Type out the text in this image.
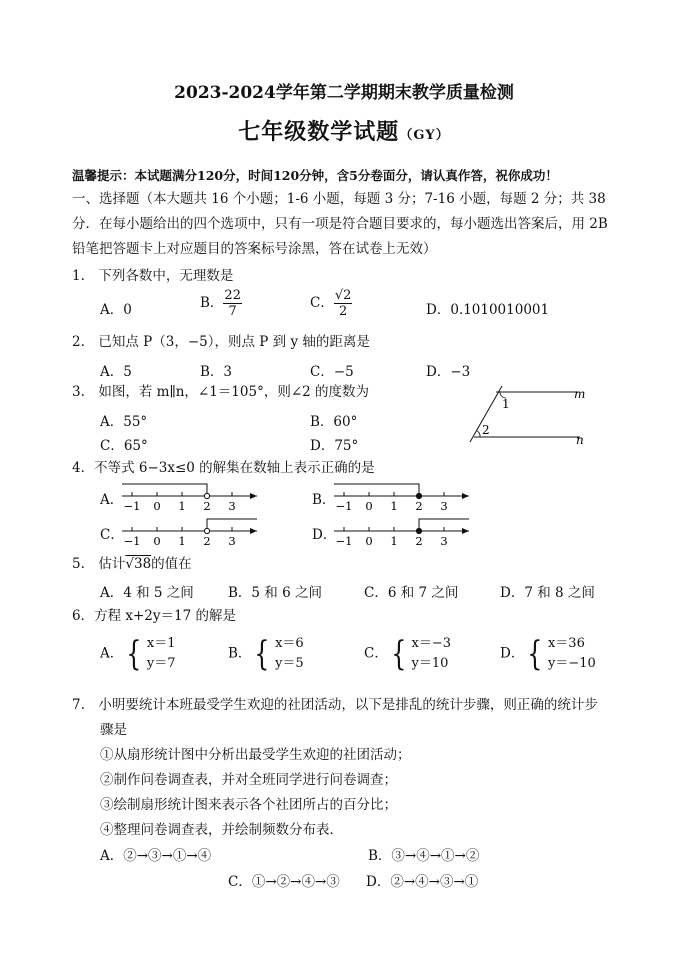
2023-2024学年第二学期期末教学质量检测
七年级数学试题（GY）
温馨提示：本试题满分120分，时间120分钟，含5分卷面分，请认真作答，祝你成功！
一、选择题（本大题共 16 个小题；1-6 小题，每题 3 分；7-16 小题，每题 2 分；共 38
分．在每小题给出的四个选项中，只有一项是符合题目要求的，每小题选出答案后，用 2B
铅笔把答题卡上对应题目的答案标号涂黑，答在试卷上无效）
1.　下列各数中，无理数是
A．0	B． $\frac{22}{7}$	C． $\frac{√2}{2}$	D．0.1010010001
2.　已知点 P（3，−5），则点 P 到 y 轴的距离是
A．5	B．3	C．−5	D．−3
3.　如图，若 m∥n，∠1＝105°，则∠2 的度数为
A．55°	B．60°
C．65°	D．75°
1
2
m
n
4．不等式 6−3x≤0 的解集在数轴上表示正确的是
A．	B．
C．	D．
−1 0 1 2 3	−1 0 1 2 3
−1 0 1 2 3	−1 0 1 2 3
5.　估计√38的值在
A．4 和 5 之间	B．5 和 6 之间	C．6 和 7 之间	D．7 和 8 之间
6．方程 x+2y＝17 的解是
A． { x＝1
y＝7
B． { x＝6
y＝5
C． { x＝−3
y＝10
D． { x＝36
y＝−10
7.　小明要统计本班最受学生欢迎的社团活动，以下是排乱的统计步骤，则正确的统计步
骤是
①从扇形统计图中分析出最受学生欢迎的社团活动；
②制作问卷调查表，并对全班同学进行问卷调查；
③绘制扇形统计图来表示各个社团所占的百分比；
④整理问卷调查表，并绘制频数分布表．
A．②→③→①→④	B．③→④→①→②
C．①→②→④→③ D．②→④→③→①
